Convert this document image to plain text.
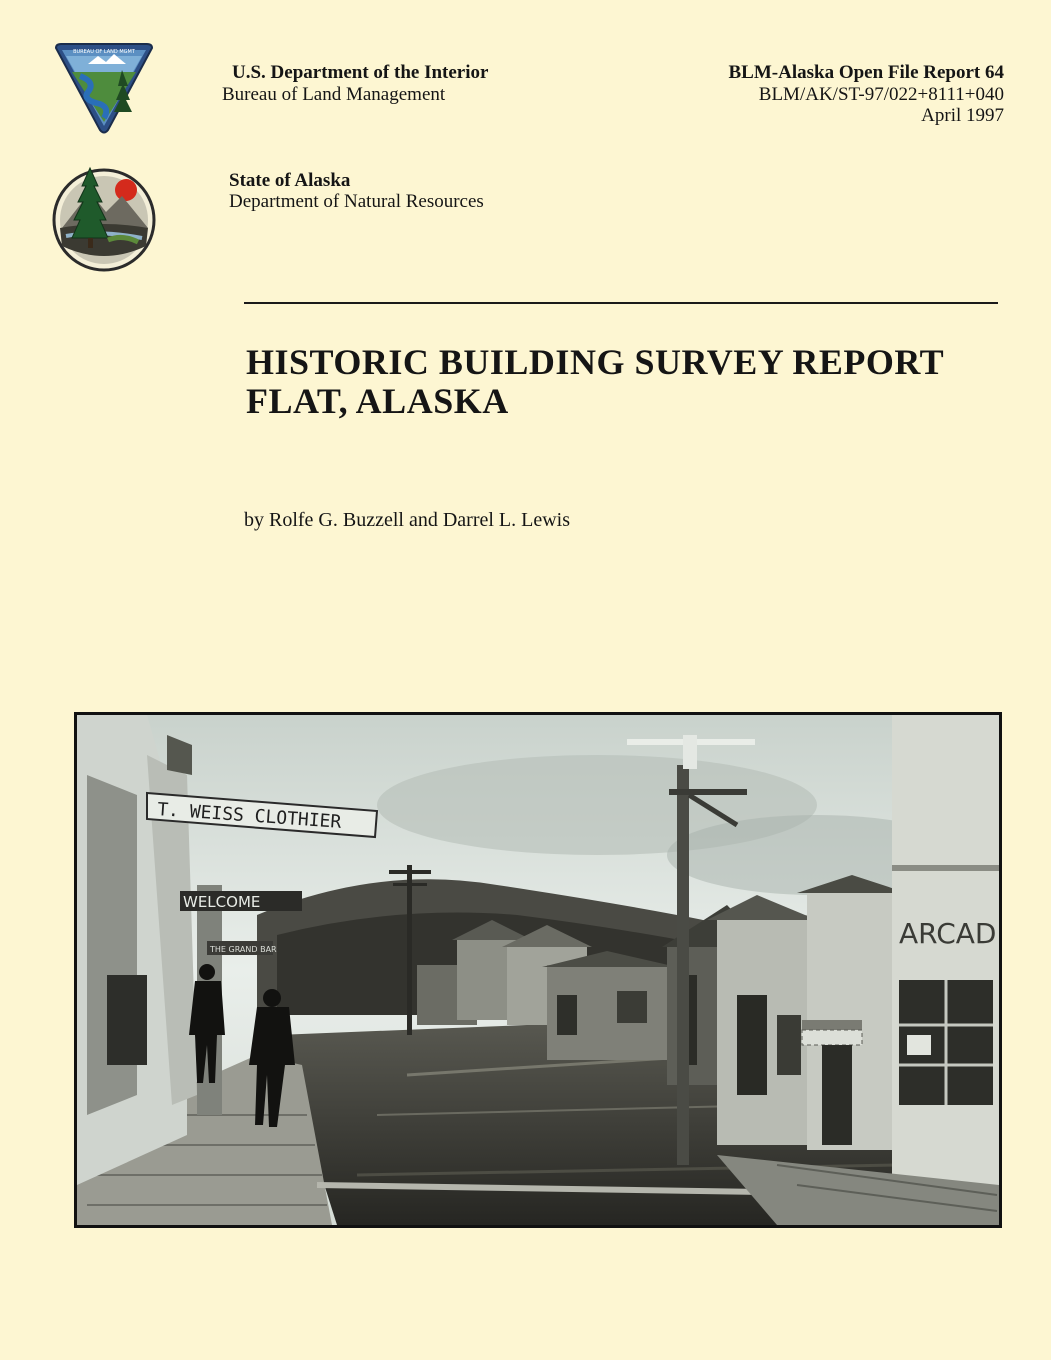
BUREAU OF LAND MGMT
U.S. Department of the Interior
Bureau of Land Management
BLM-Alaska Open File Report 64
BLM/AK/ST-97/022+8111+040
April 1997
State of Alaska
Department of Natural Resources
HISTORIC BUILDING SURVEY REPORT
FLAT, ALASKA
by Rolfe G. Buzzell and Darrel L. Lewis
T. WEISS CLOTHIER
WELCOME
THE GRAND BAR	ARCAD
